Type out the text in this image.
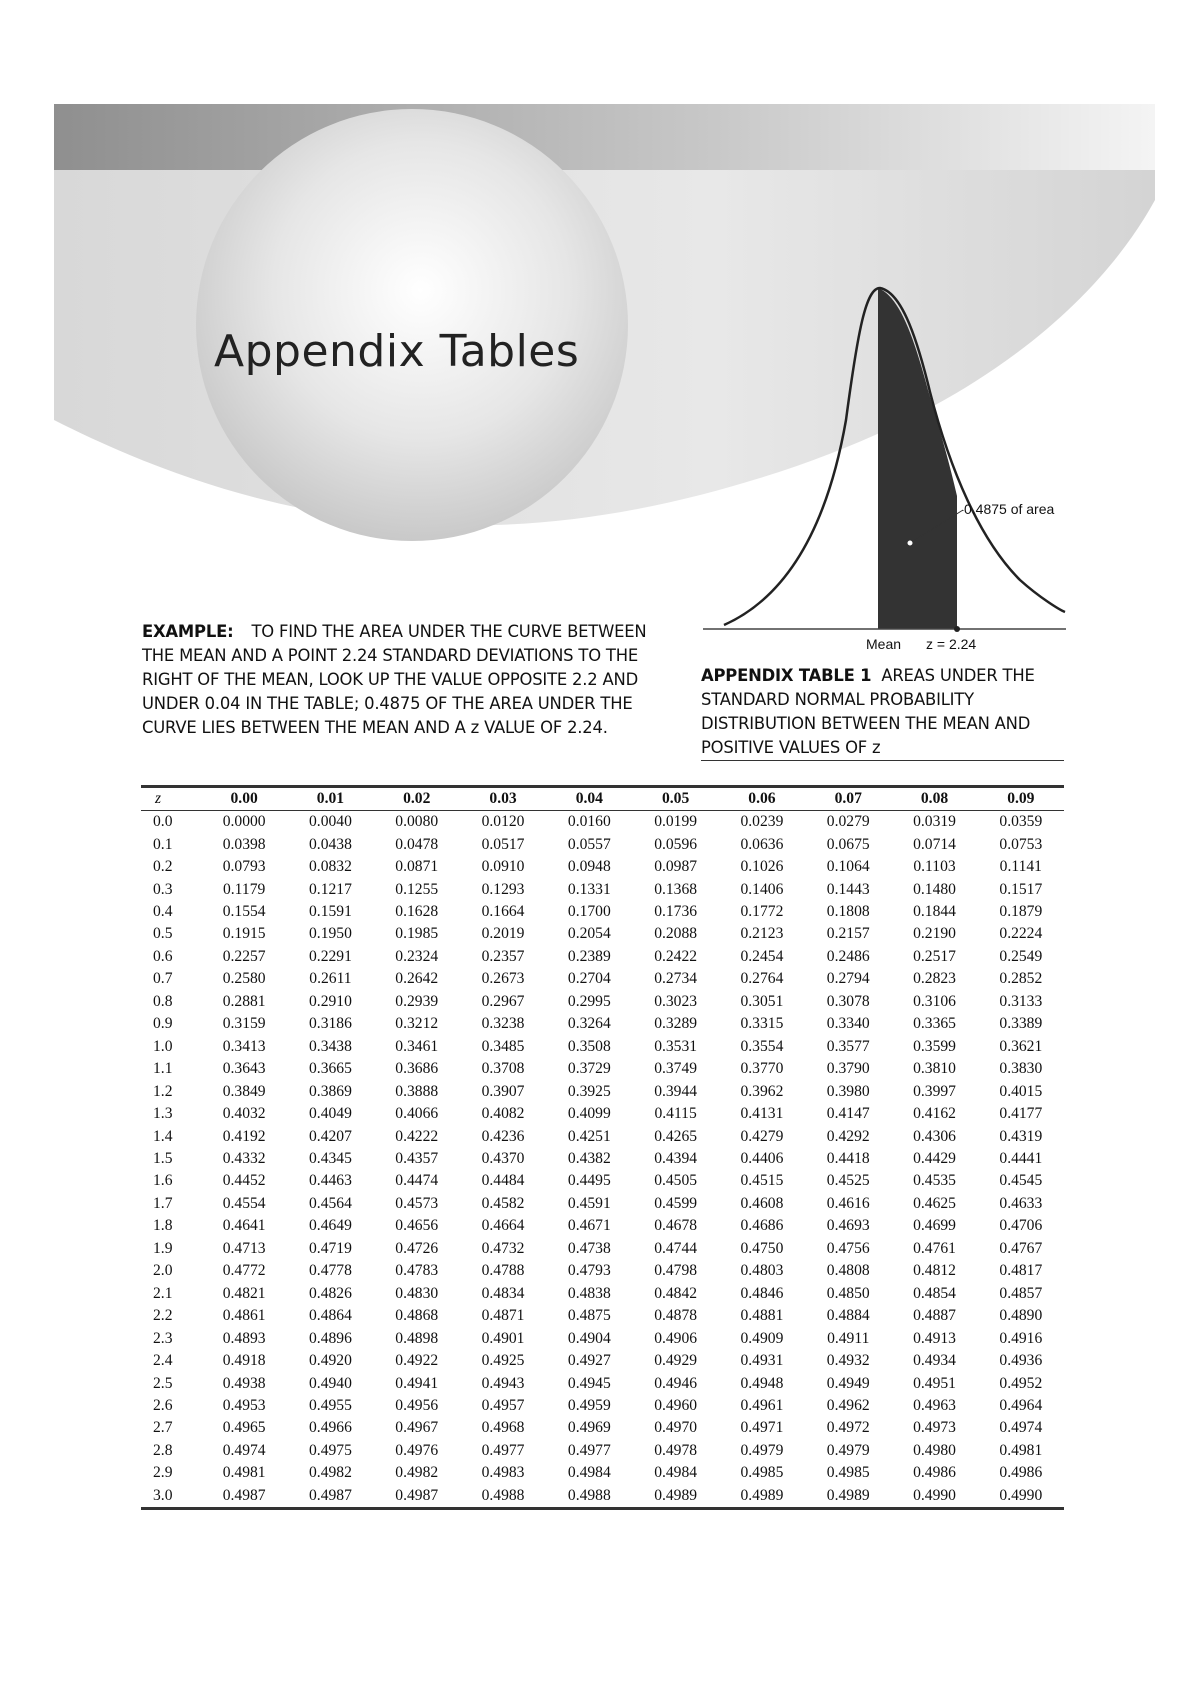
Appendix Tables
0.4875 of area
Mean z = 2.24
EXAMPLE: TO FIND THE AREA UNDER THE CURVE BETWEEN THE MEAN AND A POINT 2.24 STANDARD DEVIATIONS TO THE RIGHT OF THE MEAN, LOOK UP THE VALUE OPPOSITE 2.2 AND UNDER 0.04 IN THE TABLE; 0.4875 OF THE AREA UNDER THE CURVE LIES BETWEEN THE MEAN AND A z VALUE OF 2.24.
APPENDIX TABLE 1 AREAS UNDER THE STANDARD NORMAL PROBABILITY DISTRIBUTION BETWEEN THE MEAN AND POSITIVE VALUES OF z
z	0.00	0.01	0.02	0.03	0.04	0.05	0.06	0.07	0.08	0.09
0.0	0.0000	0.0040	0.0080	0.0120	0.0160	0.0199	0.0239	0.0279	0.0319	0.0359
0.1	0.0398	0.0438	0.0478	0.0517	0.0557	0.0596	0.0636	0.0675	0.0714	0.0753
0.2	0.0793	0.0832	0.0871	0.0910	0.0948	0.0987	0.1026	0.1064	0.1103	0.1141
0.3	0.1179	0.1217	0.1255	0.1293	0.1331	0.1368	0.1406	0.1443	0.1480	0.1517
0.4	0.1554	0.1591	0.1628	0.1664	0.1700	0.1736	0.1772	0.1808	0.1844	0.1879
0.5	0.1915	0.1950	0.1985	0.2019	0.2054	0.2088	0.2123	0.2157	0.2190	0.2224
0.6	0.2257	0.2291	0.2324	0.2357	0.2389	0.2422	0.2454	0.2486	0.2517	0.2549
0.7	0.2580	0.2611	0.2642	0.2673	0.2704	0.2734	0.2764	0.2794	0.2823	0.2852
0.8	0.2881	0.2910	0.2939	0.2967	0.2995	0.3023	0.3051	0.3078	0.3106	0.3133
0.9	0.3159	0.3186	0.3212	0.3238	0.3264	0.3289	0.3315	0.3340	0.3365	0.3389
1.0	0.3413	0.3438	0.3461	0.3485	0.3508	0.3531	0.3554	0.3577	0.3599	0.3621
1.1	0.3643	0.3665	0.3686	0.3708	0.3729	0.3749	0.3770	0.3790	0.3810	0.3830
1.2	0.3849	0.3869	0.3888	0.3907	0.3925	0.3944	0.3962	0.3980	0.3997	0.4015
1.3	0.4032	0.4049	0.4066	0.4082	0.4099	0.4115	0.4131	0.4147	0.4162	0.4177
1.4	0.4192	0.4207	0.4222	0.4236	0.4251	0.4265	0.4279	0.4292	0.4306	0.4319
1.5	0.4332	0.4345	0.4357	0.4370	0.4382	0.4394	0.4406	0.4418	0.4429	0.4441
1.6	0.4452	0.4463	0.4474	0.4484	0.4495	0.4505	0.4515	0.4525	0.4535	0.4545
1.7	0.4554	0.4564	0.4573	0.4582	0.4591	0.4599	0.4608	0.4616	0.4625	0.4633
1.8	0.4641	0.4649	0.4656	0.4664	0.4671	0.4678	0.4686	0.4693	0.4699	0.4706
1.9	0.4713	0.4719	0.4726	0.4732	0.4738	0.4744	0.4750	0.4756	0.4761	0.4767
2.0	0.4772	0.4778	0.4783	0.4788	0.4793	0.4798	0.4803	0.4808	0.4812	0.4817
2.1	0.4821	0.4826	0.4830	0.4834	0.4838	0.4842	0.4846	0.4850	0.4854	0.4857
2.2	0.4861	0.4864	0.4868	0.4871	0.4875	0.4878	0.4881	0.4884	0.4887	0.4890
2.3	0.4893	0.4896	0.4898	0.4901	0.4904	0.4906	0.4909	0.4911	0.4913	0.4916
2.4	0.4918	0.4920	0.4922	0.4925	0.4927	0.4929	0.4931	0.4932	0.4934	0.4936
2.5	0.4938	0.4940	0.4941	0.4943	0.4945	0.4946	0.4948	0.4949	0.4951	0.4952
2.6	0.4953	0.4955	0.4956	0.4957	0.4959	0.4960	0.4961	0.4962	0.4963	0.4964
2.7	0.4965	0.4966	0.4967	0.4968	0.4969	0.4970	0.4971	0.4972	0.4973	0.4974
2.8	0.4974	0.4975	0.4976	0.4977	0.4977	0.4978	0.4979	0.4979	0.4980	0.4981
2.9	0.4981	0.4982	0.4982	0.4983	0.4984	0.4984	0.4985	0.4985	0.4986	0.4986
3.0	0.4987	0.4987	0.4987	0.4988	0.4988	0.4989	0.4989	0.4989	0.4990	0.4990
